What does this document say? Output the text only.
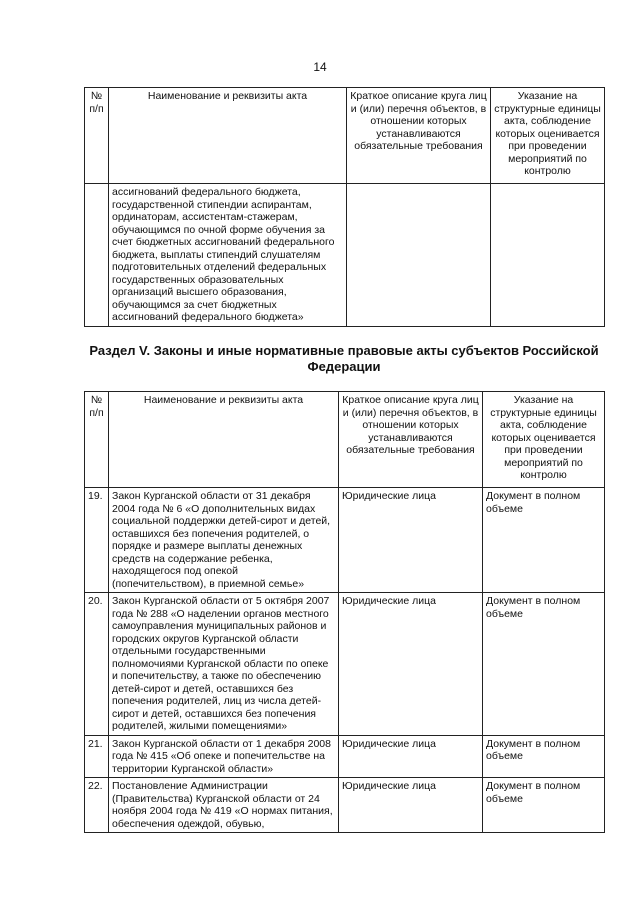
14
№
п/п	Наименование и реквизиты акта	Краткое описание круга лиц и (или) перечня объектов, в отношении которых устанавливаются обязательные требования	Указание на структурные единицы акта, соблюдение которых оценивается при проведении мероприятий по контролю
	ассигнований федерального бюджета, государственной стипендии аспирантам, ординаторам, ассистентам-стажерам, обучающимся по очной форме обучения за счет бюджетных ассигнований федерального бюджета, выплаты стипендий слушателям подготовительных отделений федеральных государственных образовательных организаций высшего образования, обучающимся за счет бюджетных ассигнований федерального бюджета»		
Раздел V. Законы и иные нормативные правовые акты субъектов Российской Федерации
№
п/п	Наименование и реквизиты акта	Краткое описание круга лиц и (или) перечня объектов, в отношении которых устанавливаются обязательные требования	Указание на структурные единицы акта, соблюдение которых оценивается при проведении мероприятий по контролю
19.	Закон Курганской области от 31 декабря 2004 года № 6 «О дополнительных видах социальной поддержки детей-сирот и детей, оставшихся без попечения родителей, о порядке и размере выплаты денежных средств на содержание ребенка, находящегося под опекой (попечительством), в приемной семье»	Юридические лица	Документ в полном объеме
20.	Закон Курганской области от 5 октября 2007 года № 288 «О наделении органов местного самоуправления муниципальных районов и городских округов Курганской области отдельными государственными полномочиями Курганской области по опеке и попечительству, а также по обеспечению детей-сирот и детей, оставшихся без попечения родителей, лиц из числа детей-сирот и детей, оставшихся без попечения родителей, жилыми помещениями»	Юридические лица	Документ в полном объеме
21.	Закон Курганской области от 1 декабря 2008 года № 415 «Об опеке и попечительстве на территории Курганской области»	Юридические лица	Документ в полном объеме
22.	Постановление Администрации (Правительства) Курганской области от 24 ноября 2004 года № 419 «О нормах питания, обеспечения одеждой, обувью,	Юридические лица	Документ в полном объеме
